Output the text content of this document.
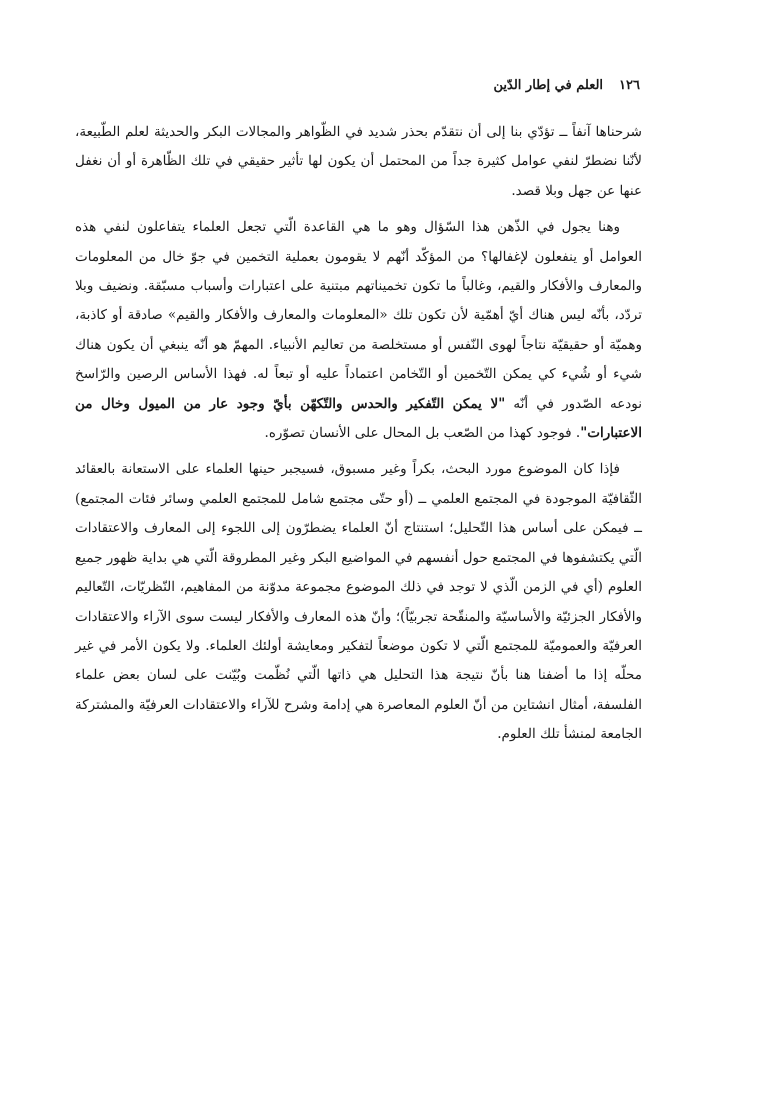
١٢٦العلم في إطار الدّين

شرحناها آنفاً ــ تؤدّي بنا إلى أن نتقدّم بحذر شديد في الظّواهر والمجالات البكر والحديثة لعلم الطّبيعة، لأنّنا نضطرّ لنفي عوامل كثيرة جداً من المحتمل أن يكون لها تأثير حقيقي في تلك الظّاهرة أو أن نغفل عنها عن جهل وبلا قصد.

وهنا يجول في الذّهن هذا السّؤال وهو ما هي القاعدة الّتي تجعل العلماء يتفاعلون لنفي هذه العوامل أو ينفعلون لإغفالها؟ من المؤكّد أنّهم لا يقومون بعملية التخمين في جوّ خال من المعلومات والمعارف والأفكار والقيم، وغالباً ما تكون تخميناتهم مبتنية على اعتبارات وأسباب مسبّقة. ونضيف وبلا تردّد، بأنّه ليس هناك أيّ أهمّية لأن تكون تلك «المعلومات والمعارف والأفكار والقيم» صادقة أو كاذبة، وهميّة أو حقيقيّة نتاجاً لهوى النّفس أو مستخلصة من تعاليم الأنبياء. المهمّ هو أنّه ينبغي أن يكون هناك شيء أو شُيء كي يمكن التّخمين أو التّخامن اعتماداً عليه أو تبعاً له. فهذا الأساس الرصين والرّاسخ نودعه الصّدور في أنّه "لا يمكن التّفكير والحدس والتّكهّن بأيّ وجود عار من الميول وخال من الاعتبارات". فوجود كهذا من الصّعب بل المحال على الأنسان تصوّره.

فإذا كان الموضوع مورد البحث، بكراً وغير مسبوق، فسيجبر حينها العلماء على الاستعانة بالعقائد الثّقافيّة الموجودة في المجتمع العلمي ــ (أو حتّى مجتمع شامل للمجتمع العلمي وسائر فئات المجتمع) ــ فيمكن على أساس هذا التّحليل؛ استنتاج أنّ العلماء يضطرّون إلى اللجوء إلى المعارف والاعتقادات الّتي يكتشفوها في المجتمع حول أنفسهم في المواضيع البكر وغير المطروقة الّتي هي بداية ظهور جميع العلوم (أي في الزمن الّذي لا توجد في ذلك الموضوع مجموعة مدوّنة من المفاهيم، النّظريّات، التّعاليم والأفكار الجزئيّة والأساسيّة والمنقّحة تجربيّاً)؛ وأنّ هذه المعارف والأفكار ليست سوى الآراء والاعتقادات العرفيّة والعموميّة للمجتمع الّتي لا تكون موضعاً لتفكير ومعايشة أولئك العلماء. ولا يكون الأمر في غير محلّه إذا ما أضفنا هنا بأنّ نتيجة هذا التحليل هي ذاتها الّتي نُظّمت وبُيّنت على لسان بعض علماء الفلسفة، أمثال انشتاين من أنّ العلوم المعاصرة هي إدامة وشرح للآراء والاعتقادات العرفيّة والمشتركة الجامعة لمنشأ تلك العلوم.
